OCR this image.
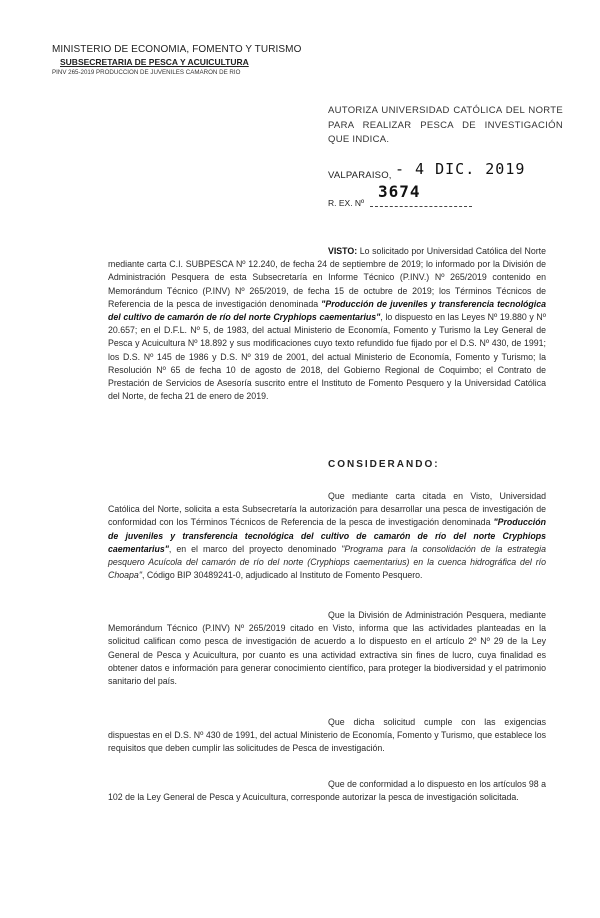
MINISTERIO DE ECONOMIA, FOMENTO Y TURISMO
SUBSECRETARIA DE PESCA Y ACUICULTURA
PINV 265-2019 PRODUCCION DE JUVENILES CAMARON DE RIO
AUTORIZA UNIVERSIDAD CATÓLICA DEL NORTE PARA REALIZAR PESCA DE INVESTIGACIÓN QUE INDICA.
VALPARAISO, - 4 DIC. 2019
3674
R. EX. Nº
VISTO: Lo solicitado por Universidad Católica del Norte mediante carta C.I. SUBPESCA Nº 12.240, de fecha 24 de septiembre de 2019; lo informado por la División de Administración Pesquera de esta Subsecretaría en Informe Técnico (P.INV.) Nº 265/2019 contenido en Memorándum Técnico (P.INV) Nº 265/2019, de fecha 15 de octubre de 2019; los Términos Técnicos de Referencia de la pesca de investigación denominada "Producción de juveniles y transferencia tecnológica del cultivo de camarón de río del norte Cryphiops caementarius", lo dispuesto en las Leyes Nº 19.880 y Nº 20.657; en el D.F.L. Nº 5, de 1983, del actual Ministerio de Economía, Fomento y Turismo la Ley General de Pesca y Acuicultura Nº 18.892 y sus modificaciones cuyo texto refundido fue fijado por el D.S. Nº 430, de 1991; los D.S. Nº 145 de 1986 y D.S. Nº 319 de 2001, del actual Ministerio de Economía, Fomento y Turismo; la Resolución Nº 65 de fecha 10 de agosto de 2018, del Gobierno Regional de Coquimbo; el Contrato de Prestación de Servicios de Asesoría suscrito entre el Instituto de Fomento Pesquero y la Universidad Católica del Norte, de fecha 21 de enero de 2019.
CONSIDERANDO:
Que mediante carta citada en Visto, Universidad Católica del Norte, solicita a esta Subsecretaría la autorización para desarrollar una pesca de investigación de conformidad con los Términos Técnicos de Referencia de la pesca de investigación denominada "Producción de juveniles y transferencia tecnológica del cultivo de camarón de río del norte Cryphiops caementarius", en el marco del proyecto denominado "Programa para la consolidación de la estrategia pesquero Acuícola del camarón de río del norte (Cryphiops caementarius) en la cuenca hidrográfica del río Choapa", Código BIP 30489241-0, adjudicado al Instituto de Fomento Pesquero.
Que la División de Administración Pesquera, mediante Memorándum Técnico (P.INV) Nº 265/2019 citado en Visto, informa que las actividades planteadas en la solicitud califican como pesca de investigación de acuerdo a lo dispuesto en el artículo 2º Nº 29 de la Ley General de Pesca y Acuicultura, por cuanto es una actividad extractiva sin fines de lucro, cuya finalidad es obtener datos e información para generar conocimiento científico, para proteger la biodiversidad y el patrimonio sanitario del país.
Que dicha solicitud cumple con las exigencias dispuestas en el D.S. Nº 430 de 1991, del actual Ministerio de Economía, Fomento y Turismo, que establece los requisitos que deben cumplir las solicitudes de Pesca de investigación.
Que de conformidad a lo dispuesto en los artículos 98 a 102 de la Ley General de Pesca y Acuicultura, corresponde autorizar la pesca de investigación solicitada.
